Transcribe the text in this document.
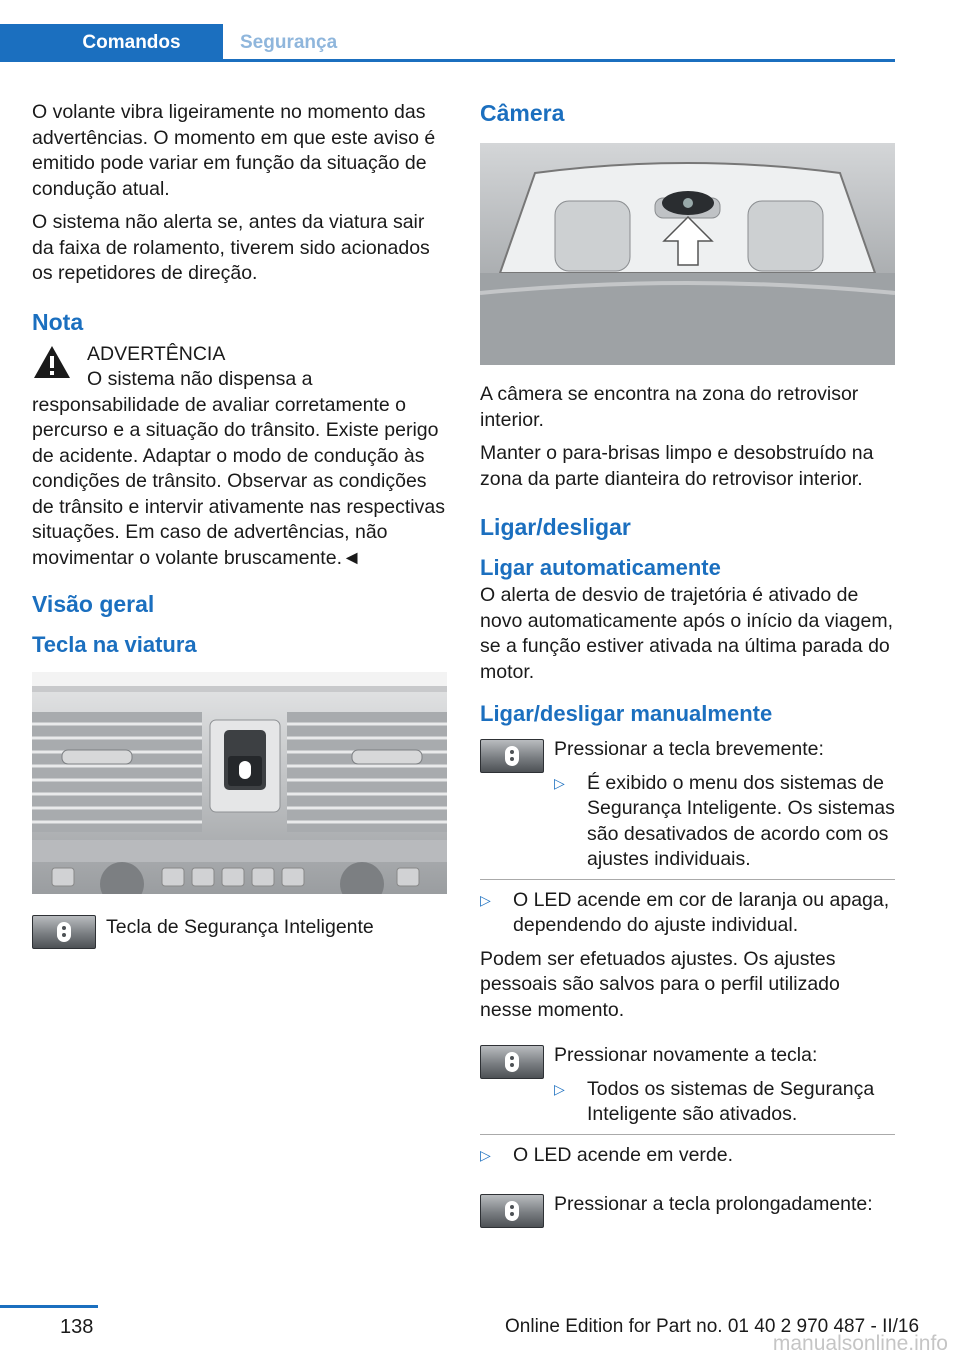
Comandos	Segurança

O volante vibra ligeiramente no momento das advertências. O momento em que este aviso é emitido pode variar em função da situação de condução atual.

O sistema não alerta se, antes da viatura sair da faixa de rolamento, tiverem sido acionados os repetidores de direção.

Nota

ADVERTÊNCIA

O sistema não dispensa a responsabilidade de avaliar corretamente o percurso e a situação do trânsito. Existe perigo de acidente. Adaptar o modo de condução às condições de trânsito. Observar as condições de trânsito e intervir ativamente nas respectivas situações. Em caso de advertências, não movimentar o volante bruscamente.◄

Visão geral
Tecla na viatura

Tecla de Segurança Inteligente

Câmera

A câmera se encontra na zona do retrovisor interior.

Manter o para-brisas limpo e desobstruído na zona da parte dianteira do retrovisor interior.

Ligar/desligar
Ligar automaticamente

O alerta de desvio de trajetória é ativado de novo automaticamente após o início da viagem, se a função estiver ativada na última parada do motor.

Ligar/desligar manualmente

Pressionar a tecla brevemente:

▷ É exibido o menu dos sistemas de Segurança Inteligente. Os sistemas são desativados de acordo com os ajustes individuais.
▷ O LED acende em cor de laranja ou apaga, dependendo do ajuste individual.

Podem ser efetuados ajustes. Os ajustes pessoais são salvos para o perfil utilizado nesse momento.

Pressionar novamente a tecla:

▷ Todos os sistemas de Segurança Inteligente são ativados.
▷ O LED acende em verde.

Pressionar a tecla prolongadamente:

138	Online Edition for Part no. 01 40 2 970 487 - II/16
manualsonline.info
